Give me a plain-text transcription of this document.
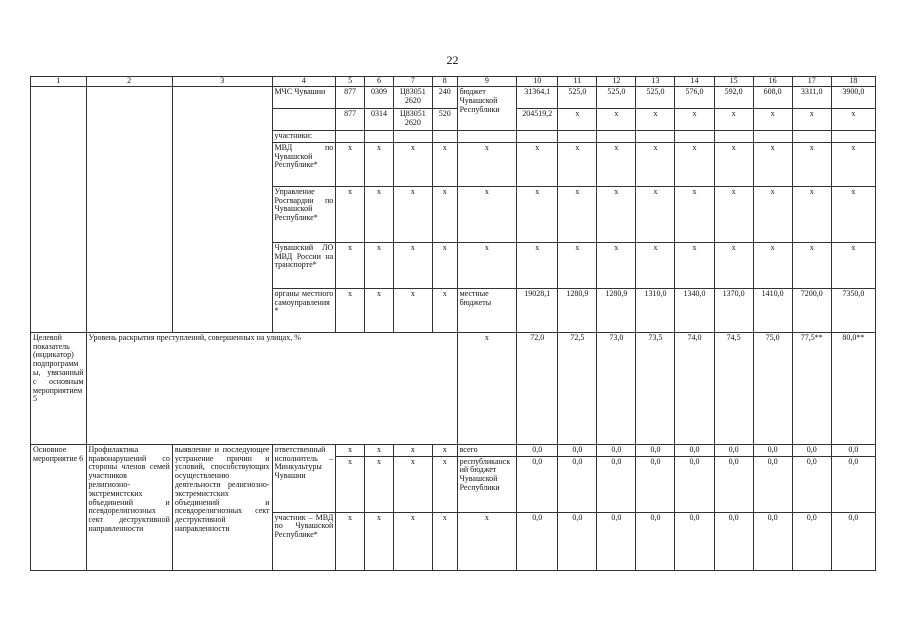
22
1	2	3	4	5	6	7	8	9	10	11	12	13	14	15	16	17	18
			МЧС Чувашии	877	0309	Ц83051 2620	240	бюджет Чувашской Республики	31364,1	525,0	525,0	525,0	576,0	592,0	608,0	3311,0	3900,0
				877	0314	Ц83051 2620	520		204519,2	x	x	x	x	x	x	x	x
			участники:														
			МВД по Чувашской Республике*	x	x	x	x	x	x	x	x	x	x	x	x	x	x
			Управление Росгвардии по Чувашской Республике*	x	x	x	x	x	x	x	x	x	x	x	x	x	x
			Чувашский ЛО МВД России на транспорте*	x	x	x	x	x	x	x	x	x	x	x	x	x	x
			органы местного самоуправления*	x	x	x	x	местные бюджеты	19028,1	1280,9	1280,9	1310,0	1340,0	1370,0	1410,0	7200,0	7350,0

Целевой показатель (индикатор) подпрограммы, увязанный с основным мероприятием 5	Уровень раскрытия преступлений, совершенных на улицах, %							x	72,0	72,5	73,0	73,5	74,0	74,5	75,0	77,5**	80,0**
Основное мероприятие 6	Профилактика правонарушений со стороны членов семей участников религиозно-экстремистских объединений и псевдорелигиозных сект деструктивной направленности	выявление и последующее устранение причин и условий, способствующих осуществлению деятельности религиозно-экстремистских объединений и псевдорелигиозных сект деструктивной направленности	ответственный исполнитель – Минкультуры Чувашии	x	x	x	x	всего	0,0	0,0	0,0	0,0	0,0	0,0	0,0	0,0	0,0
				x	x	x	x	республиканский бюджет Чувашской Республики	0,0	0,0	0,0	0,0	0,0	0,0	0,0	0,0	0,0
			участник – МВД по Чувашской Республике*	x	x	x	x	x	0,0	0,0	0,0	0,0	0,0	0,0	0,0	0,0	0,0
